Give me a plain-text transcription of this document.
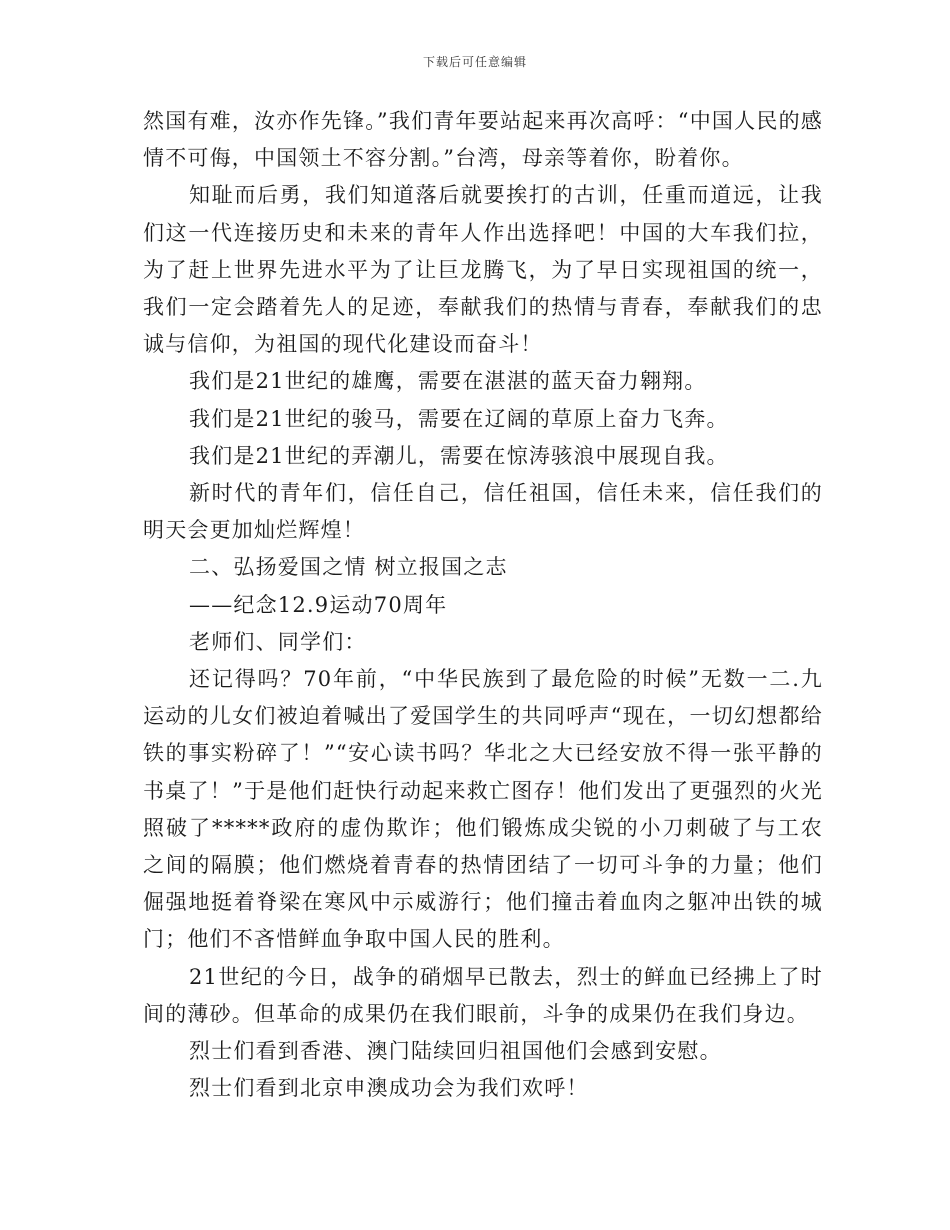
下载后可任意编辑

然国有难，汝亦作先锋。”我们青年要站起来再次高呼：“中国人民的感情不可侮，中国领土不容分割。”台湾，母亲等着你，盼着你。

知耻而后勇，我们知道落后就要挨打的古训，任重而道远，让我们这一代连接历史和未来的青年人作出选择吧！中国的大车我们拉，为了赶上世界先进水平为了让巨龙腾飞，为了早日实现祖国的统一，我们一定会踏着先人的足迹，奉献我们的热情与青春，奉献我们的忠诚与信仰，为祖国的现代化建设而奋斗！

我们是21世纪的雄鹰，需要在湛湛的蓝天奋力翱翔。

我们是21世纪的骏马，需要在辽阔的草原上奋力飞奔。

我们是21世纪的弄潮儿，需要在惊涛骇浪中展现自我。

新时代的青年们，信任自己，信任祖国，信任未来，信任我们的明天会更加灿烂辉煌！

二、弘扬爱国之情 树立报国之志

——纪念12.9运动70周年

老师们、同学们：

还记得吗？70年前，“中华民族到了最危险的时候”无数一二.九运动的儿女们被迫着喊出了爱国学生的共同呼声“现在，一切幻想都给铁的事实粉碎了！”“安心读书吗？华北之大已经安放不得一张平静的书桌了！”于是他们赶快行动起来救亡图存！他们发出了更强烈的火光照破了*****政府的虚伪欺诈；他们锻炼成尖锐的小刀刺破了与工农之间的隔膜；他们燃烧着青春的热情团结了一切可斗争的力量；他们倔强地挺着脊梁在寒风中示威游行；他们撞击着血肉之躯冲出铁的城门；他们不吝惜鲜血争取中国人民的胜利。

21世纪的今日，战争的硝烟早已散去，烈士的鲜血已经拂上了时间的薄砂。但革命的成果仍在我们眼前，斗争的成果仍在我们身边。

烈士们看到香港、澳门陆续回归祖国他们会感到安慰。

烈士们看到北京申澳成功会为我们欢呼！
